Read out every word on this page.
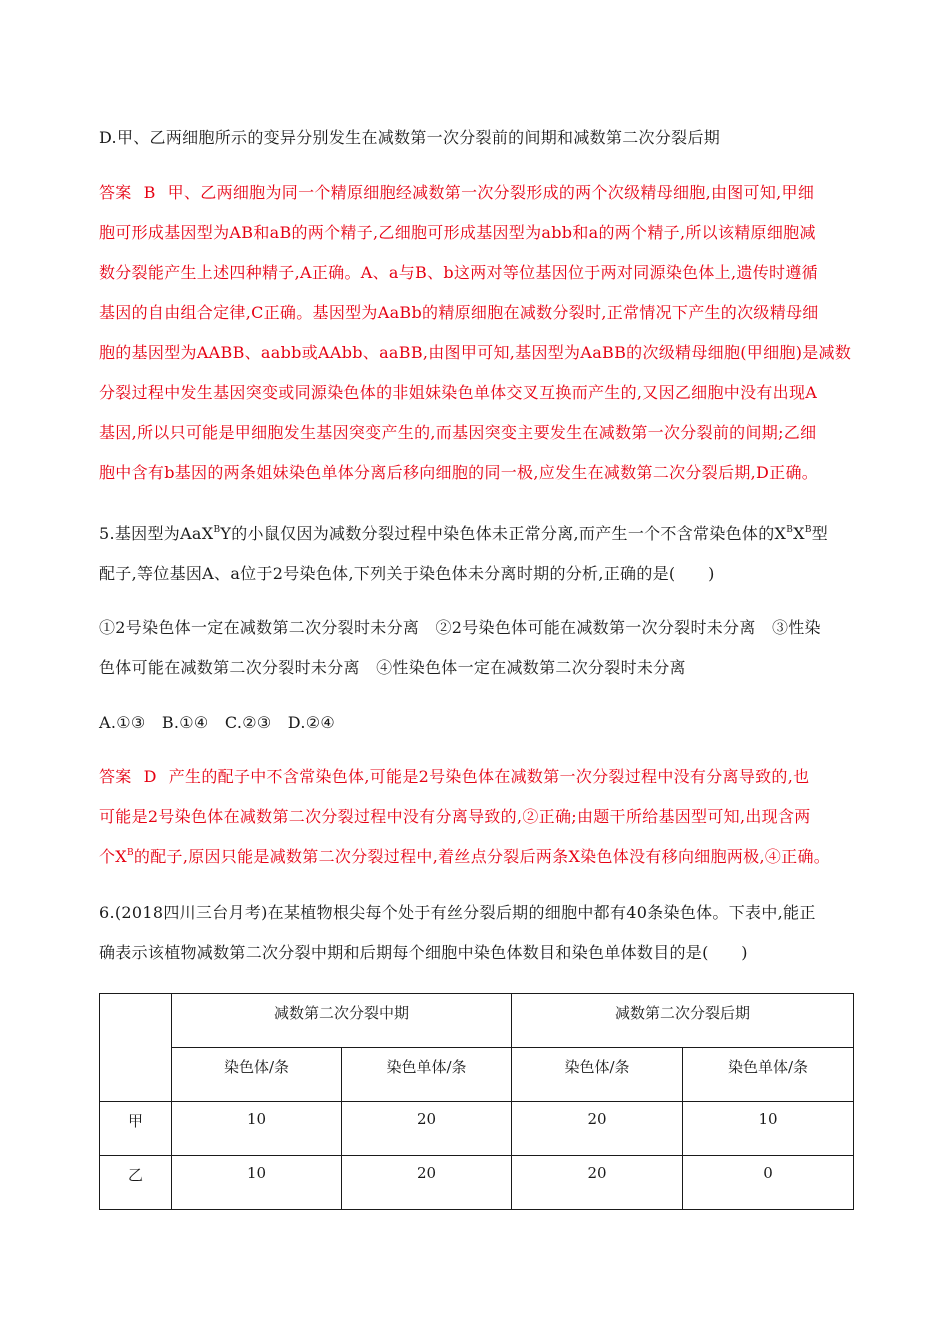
D.甲、乙两细胞所示的变异分别发生在减数第一次分裂前的间期和减数第二次分裂后期
答案 B 甲、乙两细胞为同一个精原细胞经减数第一次分裂形成的两个次级精母细胞,由图可知,甲细
胞可形成基因型为AB和aB的两个精子,乙细胞可形成基因型为abb和a的两个精子,所以该精原细胞减
数分裂能产生上述四种精子,A正确。A、a与B、b这两对等位基因位于两对同源染色体上,遗传时遵循
基因的自由组合定律,C正确。基因型为AaBb的精原细胞在减数分裂时,正常情况下产生的次级精母细
胞的基因型为AABB、aabb或AAbb、aaBB,由图甲可知,基因型为AaBB的次级精母细胞(甲细胞)是减数
分裂过程中发生基因突变或同源染色体的非姐妹染色单体交叉互换而产生的,又因乙细胞中没有出现A
基因,所以只可能是甲细胞发生基因突变产生的,而基因突变主要发生在减数第一次分裂前的间期;乙细
胞中含有b基因的两条姐妹染色单体分离后移向细胞的同一极,应发生在减数第二次分裂后期,D正确。
5.基因型为AaX$^B$Y的小鼠仅因为减数分裂过程中染色体未正常分离,而产生一个不含常染色体的$X^BX^B$型
配子,等位基因A、a位于2号染色体,下列关于染色体未分离时期的分析,正确的是(　　)
①2号染色体一定在减数第二次分裂时未分离　②2号染色体可能在减数第一次分裂时未分离　③性染
色体可能在减数第二次分裂时未分离　④性染色体一定在减数第二次分裂时未分离
A.①③　B.①④　C.②③　D.②④
答案 D 产生的配子中不含常染色体,可能是2号染色体在减数第一次分裂过程中没有分离导致的,也
可能是2号染色体在减数第二次分裂过程中没有分离导致的,②正确;由题干所给基因型可知,出现含两
个$X^B$的配子,原因只能是减数第二次分裂过程中,着丝点分裂后两条X染色体没有移向细胞两极,④正确。
6.(2018四川三台月考)在某植物根尖每个处于有丝分裂后期的细胞中都有40条染色体。下表中,能正
确表示该植物减数第二次分裂中期和后期每个细胞中染色体数目和染色单体数目的是(　　)
	减数第二次分裂中期		减数第二次分裂后期	
	染色体/条	染色单体/条	染色体/条	染色单体/条
甲	10	20	20	10
乙	10	20	20	0
